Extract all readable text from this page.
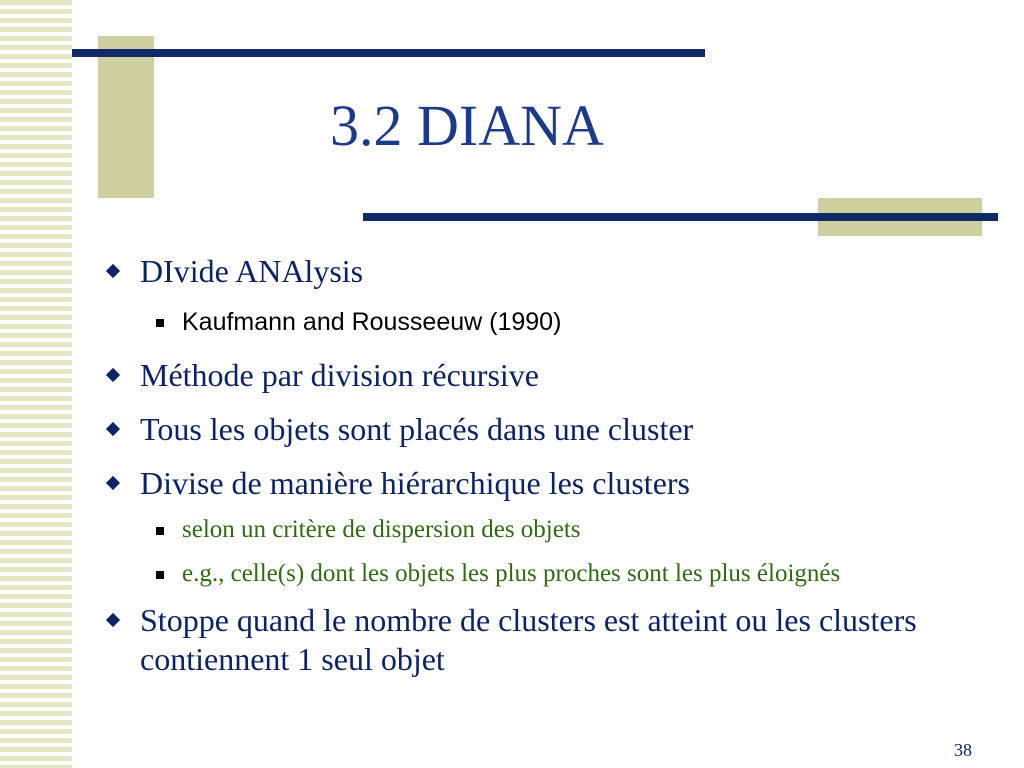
3.2 DIANA
DIvide ANAlysis
Kaufmann and Rousseeuw (1990)
Méthode par division récursive
Tous les objets sont placés dans une cluster
Divise de manière hiérarchique les clusters
selon un critère de dispersion des objets
e.g., celle(s) dont les objets les plus proches sont les plus éloignés
Stoppe quand le nombre de clusters est atteint ou les clusters contiennent 1 seul objet
38
